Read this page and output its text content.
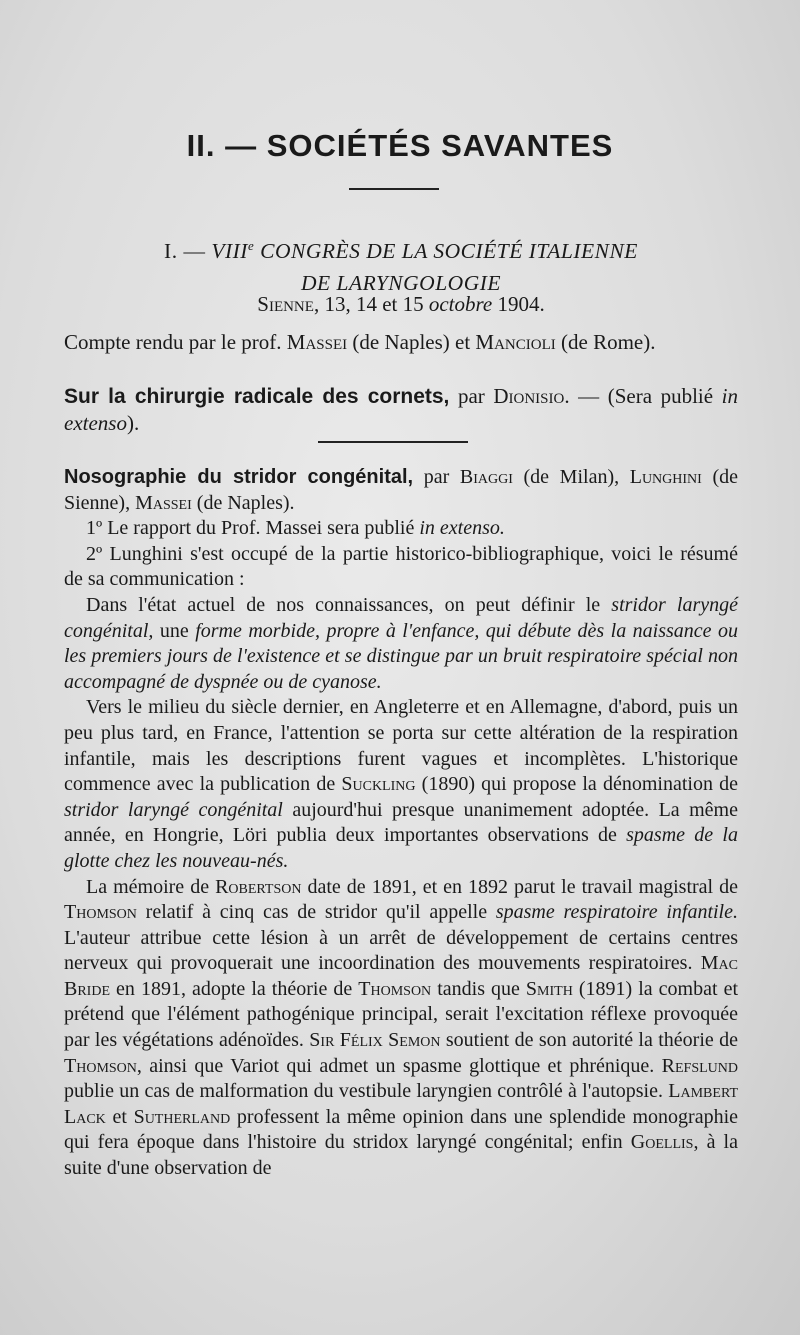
II. — SOCIÉTÉS SAVANTES
I. — VIIIe CONGRÈS DE LA SOCIÉTÉ ITALIENNE
DE LARYNGOLOGIE

Sienne, 13, 14 et 15 octobre 1904.

Compte rendu par le prof. Massei (de Naples) et Mancioli (de Rome).

Sur la chirurgie radicale des cornets, par Dionisio. — (Sera publié in extenso).

Nosographie du stridor congénital, par Biaggi (de Milan), Lunghini (de Sienne), Massei (de Naples).

1º Le rapport du Prof. Massei sera publié in extenso.

2º Lunghini s'est occupé de la partie historico-bibliographique, voici le résumé de sa communication :

Dans l'état actuel de nos connaissances, on peut définir le stridor laryngé congénital, une forme morbide, propre à l'enfance, qui débute dès la naissance ou les premiers jours de l'existence et se distingue par un bruit respiratoire spécial non accompagné de dyspnée ou de cyanose.

Vers le milieu du siècle dernier, en Angleterre et en Allemagne, d'abord, puis un peu plus tard, en France, l'attention se porta sur cette altération de la respiration infantile, mais les descriptions furent vagues et incomplètes. L'historique commence avec la publication de Suckling (1890) qui propose la dénomination de stridor laryngé congénital aujourd'hui presque unanimement adoptée. La même année, en Hongrie, Löri publia deux importantes observations de spasme de la glotte chez les nouveau-nés.

La mémoire de Robertson date de 1891, et en 1892 parut le travail magistral de Thomson relatif à cinq cas de stridor qu'il appelle spasme respiratoire infantile. L'auteur attribue cette lésion à un arrêt de développement de certains centres nerveux qui provoquerait une incoordination des mouvements respiratoires. Mac Bride en 1891, adopte la théorie de Thomson tandis que Smith (1891) la combat et prétend que l'élément pathogénique principal, serait l'excitation réflexe provoquée par les végétations adénoïdes. Sir Félix Semon soutient de son autorité la théorie de Thomson, ainsi que Variot qui admet un spasme glottique et phrénique. Refslund publie un cas de malformation du vestibule laryngien contrôlé à l'autopsie. Lambert Lack et Sutherland professent la même opinion dans une splendide monographie qui fera époque dans l'histoire du stridox laryngé congénital; enfin Goellis, à la suite d'une observation de
